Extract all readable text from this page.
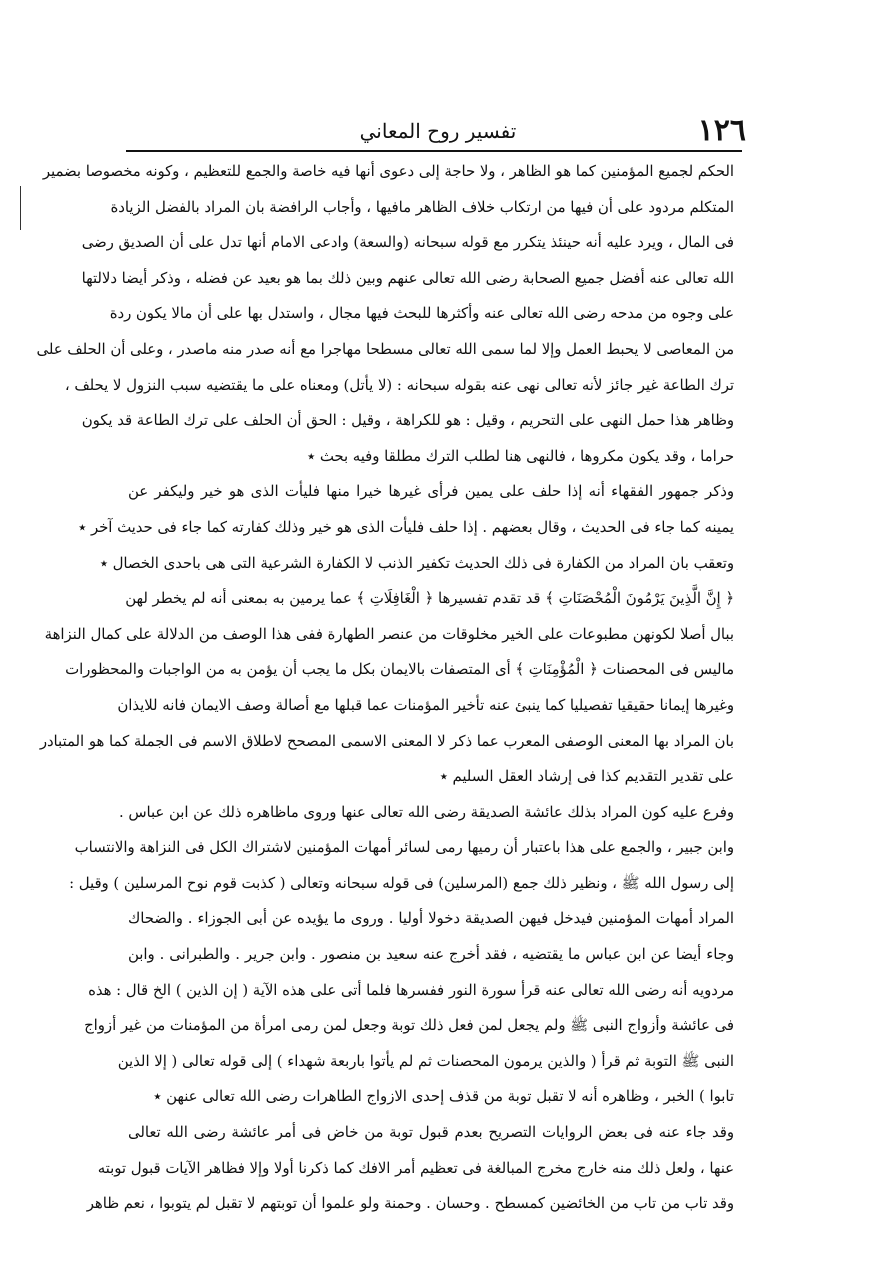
تفسير روح المعاني	١٢٦
الحكم لجميع المؤمنين كما هو الظاهر ، ولا حاجة إلى دعوى أنها فيه خاصة والجمع للتعظيم ، وكونه مخصوصا بضمير
المتكلم مردود على أن فيها من ارتكاب خلاف الظاهر مافيها ، وأجاب الرافضة بان المراد بالفضل الزيادة
فى المال ، ويرد عليه أنه حينئذ يتكرر مع قوله سبحانه (والسعة) وادعى الامام أنها تدل على أن الصديق رضى
الله تعالى عنه أفضل جميع الصحابة رضى الله تعالى عنهم وبين ذلك بما هو بعيد عن فضله ، وذكر أيضا دلالتها
على وجوه من مدحه رضى الله تعالى عنه وأكثرها للبحث فيها مجال ، واستدل بها على أن مالا يكون ردة
من المعاصى لا يحبط العمل وإلا لما سمى الله تعالى مسطحا مهاجرا مع أنه صدر منه ماصدر ، وعلى أن الحلف على
ترك الطاعة غير جائز لأنه تعالى نهى عنه بقوله سبحانه : (لا يأتل) ومعناه على ما يقتضيه سبب النزول لا يحلف ،
وظاهر هذا حمل النهى على التحريم ، وقيل : هو للكراهة ، وقيل : الحق أن الحلف على ترك الطاعة قد يكون
حراما ، وقد يكون مكروها ، فالنهى هنا لطلب الترك مطلقا وفيه بحث ٭
وذكر جمهور الفقهاء أنه إذا حلف على يمين فرأى غيرها خيرا منها فليأت الذى هو خير وليكفر عن
يمينه كما جاء فى الحديث ، وقال بعضهم . إذا حلف فليأت الذى هو خير وذلك كفارته كما جاء فى حديث آخر ٭
وتعقب بان المراد من الكفارة فى ذلك الحديث تكفير الذنب لا الكفارة الشرعية التى هى باحدى الخصال ٭
﴿ إِنَّ الَّذِينَ يَرْمُونَ الْمُحْصَنَاتِ ﴾ قد تقدم تفسيرها ﴿ الْغَافِلَاتِ ﴾ عما يرمين به بمعنى أنه لم يخطر لهن
ببال أصلا لكونهن مطبوعات على الخير مخلوقات من عنصر الطهارة ففى هذا الوصف من الدلالة على كمال النزاهة
ماليس فى المحصنات ﴿ الْمُؤْمِنَاتِ ﴾ أى المتصفات بالايمان بكل ما يجب أن يؤمن به من الواجبات والمحظورات
وغيرها إيمانا حقيقيا تفصيليا كما ينبئ عنه تأخير المؤمنات عما قبلها مع أصالة وصف الايمان فانه للايذان
بان المراد بها المعنى الوصفى المعرب عما ذكر لا المعنى الاسمى المصحح لاطلاق الاسم فى الجملة كما هو المتبادر
على تقدير التقديم كذا فى إرشاد العقل السليم ٭
وفرع عليه كون المراد بذلك عائشة الصديقة رضى الله تعالى عنها وروى ماظاهره ذلك عن ابن عباس .
وابن جبير ، والجمع على هذا باعتبار أن رميها رمى لسائر أمهات المؤمنين لاشتراك الكل فى النزاهة والانتساب
إلى رسول الله ﷺ ، ونظير ذلك جمع (المرسلين) فى قوله سبحانه وتعالى ( كذبت قوم نوح المرسلين ) وقيل :
المراد أمهات المؤمنين فيدخل فيهن الصديقة دخولا أوليا . وروى ما يؤيده عن أبى الجوزاء . والضحاك
وجاء أيضا عن ابن عباس ما يقتضيه ، فقد أخرج عنه سعيد بن منصور . وابن جرير . والطبرانى . وابن
مردويه أنه رضى الله تعالى عنه قرأ سورة النور ففسرها فلما أتى على هذه الآية ( إن الذين ) الخ قال : هذه
فى عائشة وأزواج النبى ﷺ ولم يجعل لمن فعل ذلك توبة وجعل لمن رمى امرأة من المؤمنات من غير أزواج
النبى ﷺ التوبة ثم قرأ ( والذين يرمون المحصنات ثم لم يأتوا باربعة شهداء ) إلى قوله تعالى ( إلا الذين
تابوا ) الخبر ، وظاهره أنه لا تقبل توبة من قذف إحدى الازواج الطاهرات رضى الله تعالى عنهن ٭
وقد جاء عنه فى بعض الروايات التصريح بعدم قبول توبة من خاض فى أمر عائشة رضى الله تعالى
عنها ، ولعل ذلك منه خارج مخرج المبالغة فى تعظيم أمر الافك كما ذكرنا أولا وإلا فظاهر الآيات قبول توبته
وقد تاب من تاب من الخائضين كمسطح . وحسان . وحمنة ولو علموا أن توبتهم لا تقبل لم يتوبوا ، نعم ظاهر
